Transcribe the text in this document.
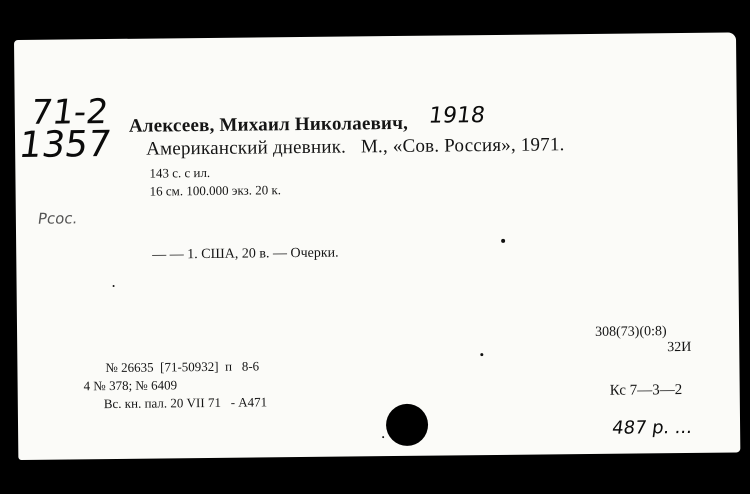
71-2
1357 Алексеев, Михаил Николаевич, 1918
Американский дневник.   М., «Сов. Россия», 1971.
143 с. с ил.
16 см. 100.000 экз. 20 к.
Рсос.
— — 1. США, 20 в. — Очерки.
308(73)(0:8)
32И
№ 26635  [71-50932]  п   8-6
4 № 378; № 6409
Вс. кн. пал. 20 VII 71   - А471
Кс 7—3—2
487 р. ...
